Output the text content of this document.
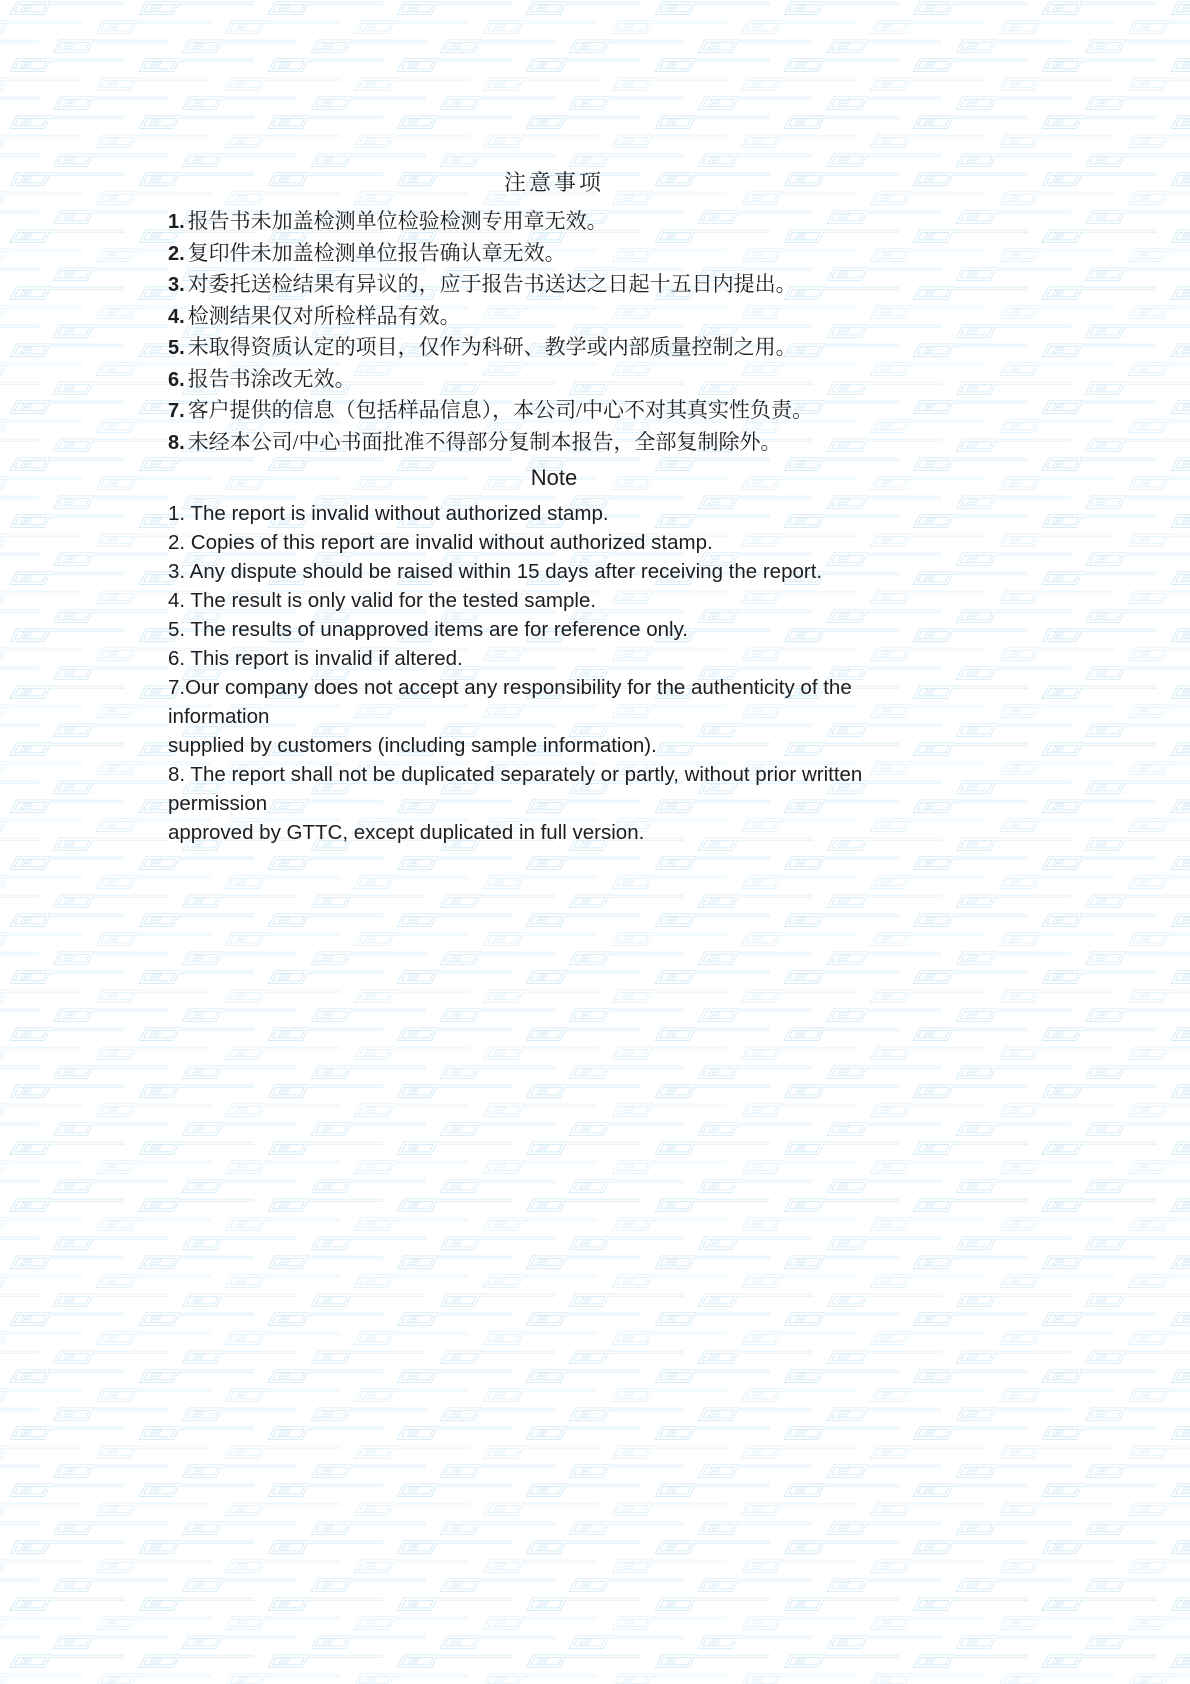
注意事项
1. 报告书未加盖检测单位检验检测专用章无效。
2. 复印件未加盖检测单位报告确认章无效。
3. 对委托送检结果有异议的，应于报告书送达之日起十五日内提出。
4. 检测结果仅对所检样品有效。
5. 未取得资质认定的项目，仅作为科研、教学或内部质量控制之用。
6. 报告书涂改无效。
7. 客户提供的信息（包括样品信息），本公司/中心不对其真实性负责。
8. 未经本公司/中心书面批准不得部分复制本报告，全部复制除外。
Note
1. The report is invalid without authorized stamp.
2. Copies of this report are invalid without authorized stamp.
3. Any dispute should be raised within 15 days after receiving the report.
4. The result is only valid for the tested sample.
5. The results of unapproved items are for reference only.
6. This report is invalid if altered.
7.Our company does not accept any responsibility for the authenticity of the information
supplied by customers (including sample information).
8. The report shall not be duplicated separately or partly, without prior written permission
approved by GTTC, except duplicated in full version.
